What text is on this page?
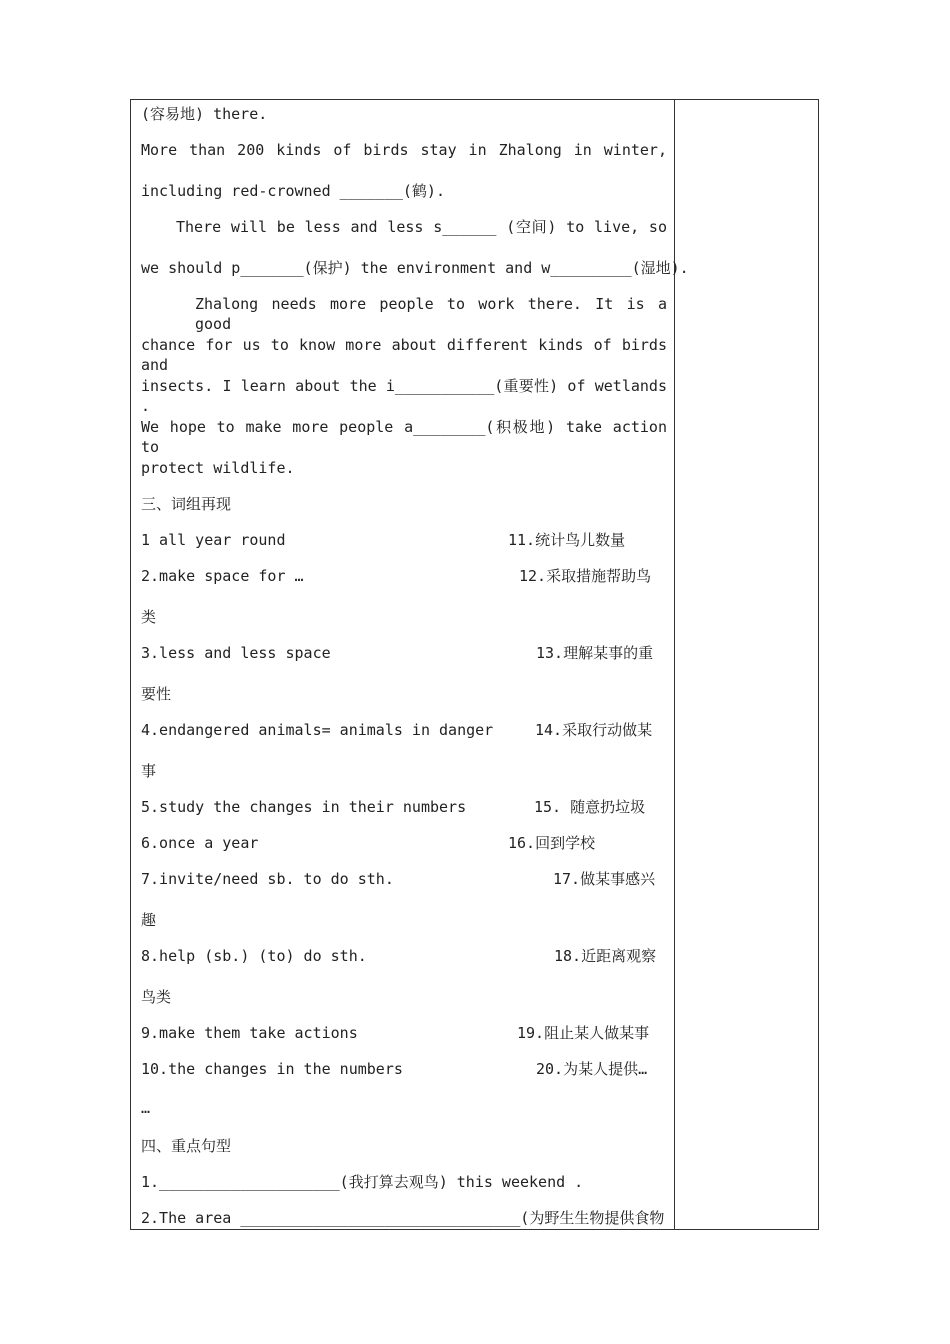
(容易地) there.
More than 200 kinds of birds stay in Zhalong in winter,
including red-crowned _______(鹤).
There will be less and less s______ (空间) to live, so
we should p_______(保护) the environment and w_________(湿地).
Zhalong needs more people to work there. It is a good
chance for us to know more about different kinds of birds and
insects. I learn about the i___________(重要性) of wetlands .
We hope to make more people a________(积极地) take action to
protect wildlife.
三、词组再现
1 all year round	11.统计鸟儿数量
2.make space for …	12.采取措施帮助鸟
类
3.less and less space	13.理解某事的重
要性
4.endangered animals= animals in danger	14.采取行动做某
事
5.study the changes in their numbers	15. 随意扔垃圾
6.once a year	16.回到学校
7.invite/need sb. to do sth.	17.做某事感兴
趣
8.help (sb.) (to) do sth.	18.近距离观察
鸟类
9.make them take actions	19.阻止某人做某事
10.the changes in the numbers	20.为某人提供…
…
四、重点句型
1.____________________(我打算去观鸟) this weekend .
2.The area _______________________________(为野生生物提供食物
